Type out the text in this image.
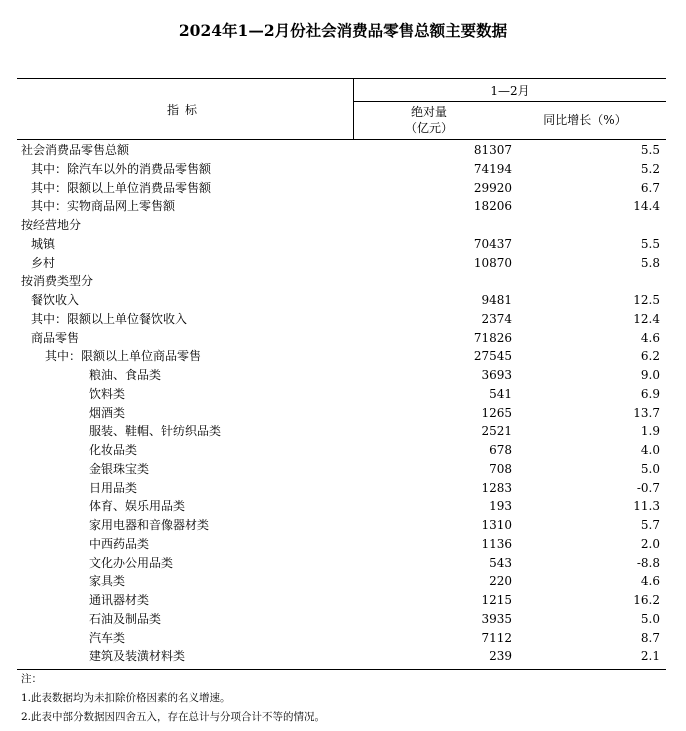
2024年1—2月份社会消费品零售总额主要数据
1—2月
指标	绝对量
（亿元）
同比增长（%）
社会消费品零售总额	81307	5.5
其中：除汽车以外的消费品零售额	74194	5.2
其中：限额以上单位消费品零售额	29920	6.7
其中：实物商品网上零售额	18206	14.4
按经营地分
城镇	70437	5.5
乡村	10870	5.8
按消费类型分
餐饮收入	9481	12.5
其中：限额以上单位餐饮收入	2374	12.4
商品零售	71826	4.6
其中：限额以上单位商品零售	27545	6.2
粮油、食品类	3693	9.0
饮料类	541	6.9
烟酒类	1265	13.7
服装、鞋帽、针纺织品类	2521	1.9
化妆品类	678	4.0
金银珠宝类	708	5.0
日用品类	1283	-0.7
体育、娱乐用品类	193	11.3
家用电器和音像器材类	1310	5.7
中西药品类	1136	2.0
文化办公用品类	543	-8.8
家具类	220	4.6
通讯器材类	1215	16.2
石油及制品类	3935	5.0
汽车类	7112	8.7
建筑及装潢材料类	239	2.1
注：
1.此表数据均为未扣除价格因素的名义增速。
2.此表中部分数据因四舍五入，存在总计与分项合计不等的情况。
